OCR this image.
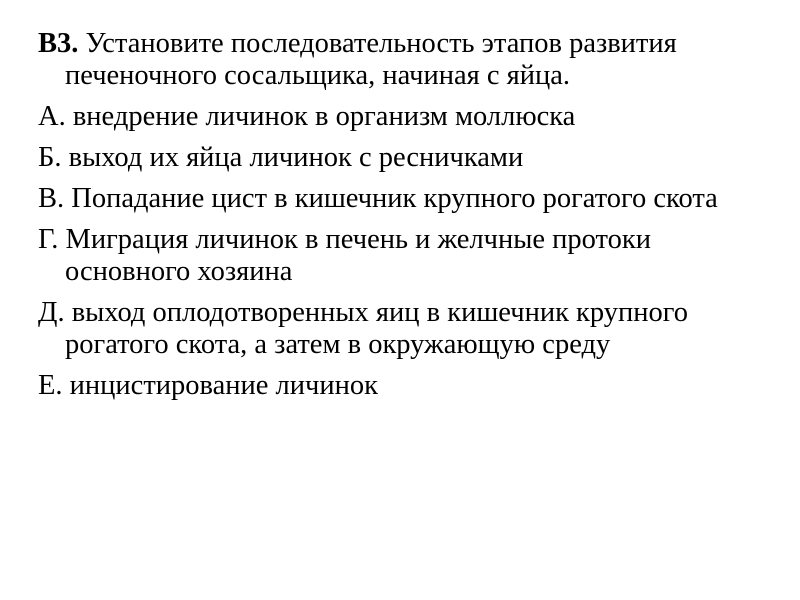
В3. Установите последовательность этапов развития печеночного сосальщика, начиная с яйца.

А. внедрение личинок в организм моллюска

Б. выход их яйца личинок с ресничками

В. Попадание цист в кишечник крупного рогатого скота

Г. Миграция личинок в печень и желчные протоки основного хозяина

Д. выход оплодотворенных яиц в кишечник крупного рогатого скота, а затем в окружающую среду

Е. инцистирование личинок
